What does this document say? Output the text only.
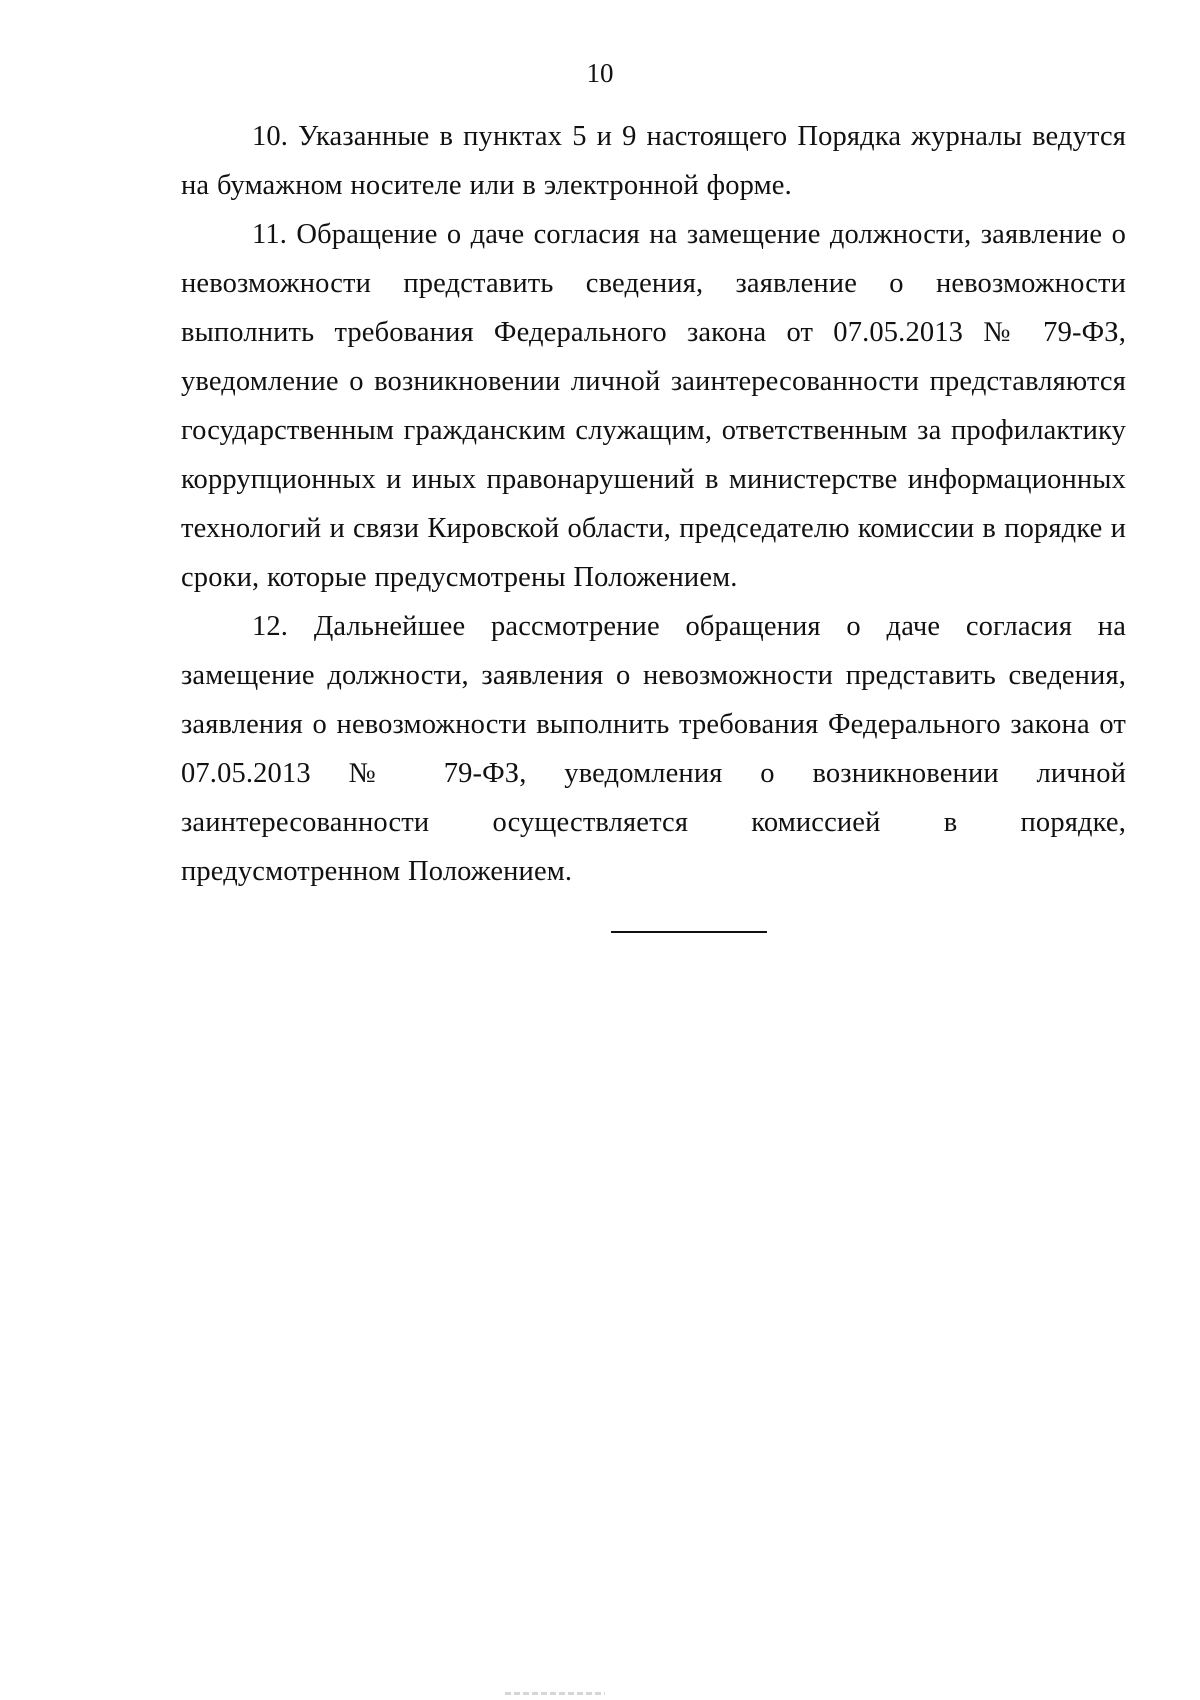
10

10. Указанные в пунктах 5 и 9 настоящего Порядка журналы ведутся на бумажном носителе или в электронной форме.

11. Обращение о даче согласия на замещение должности, заявление о невозможности представить сведения, заявление о невозможности выполнить требования Федерального закона от 07.05.2013 № 79-ФЗ, уведомление о возникновении личной заинтересованности представляются государственным гражданским служащим, ответственным за профилактику коррупционных и иных правонарушений в министерстве информационных технологий и связи Кировской области, председателю комиссии в порядке и сроки, которые предусмотрены Положением.

12. Дальнейшее рассмотрение обращения о даче согласия на замещение должности, заявления о невозможности представить сведения, заявления о невозможности выполнить требования Федерального закона от 07.05.2013 № 79-ФЗ, уведомления о возникновении личной заинтересованности осуществляется комиссией в порядке, предусмотренном Положением.
